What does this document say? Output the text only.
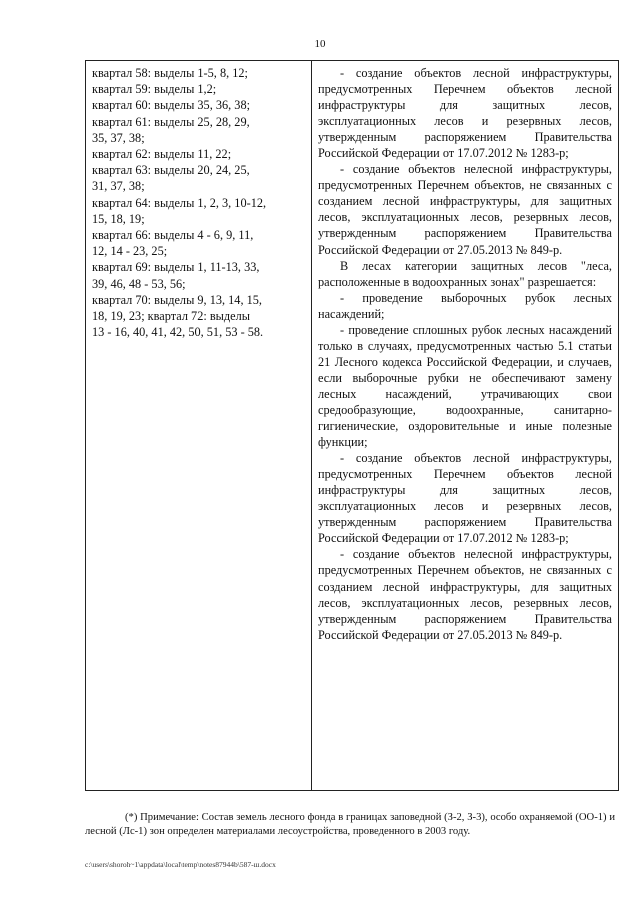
10
квартал 58: выделы 1-5, 8, 12;
квартал 59: выделы 1,2;
квартал 60: выделы 35, 36, 38;
квартал 61: выделы 25, 28, 29,
35, 37, 38;
квартал 62: выделы 11, 22;
квартал 63: выделы 20, 24, 25,
31, 37, 38;
квартал 64: выделы 1, 2, 3, 10-12,
15, 18, 19;
квартал 66: выделы 4 - 6, 9, 11,
12, 14 - 23, 25;
квартал 69: выделы 1, 11-13, 33,
39, 46, 48 - 53, 56;
квартал 70: выделы 9, 13, 14, 15,
18, 19, 23; квартал 72: выделы
13 - 16, 40, 41, 42, 50, 51, 53 - 58.

- создание объектов лесной инфраструктуры, предусмотренных Перечнем объектов лесной инфраструктуры для защитных лесов, эксплуатационных лесов и резервных лесов, утвержденным распоряжением Правительства Российской Федерации от 17.07.2012 № 1283-р;

- создание объектов нелесной инфраструктуры, предусмотренных Перечнем объектов, не связанных с созданием лесной инфраструктуры, для защитных лесов, эксплуатационных лесов, резервных лесов, утвержденным распоряжением Правительства Российской Федерации от 27.05.2013 № 849-р.

В лесах категории защитных лесов "леса, расположенные в водоохранных зонах" разрешается:

- проведение выборочных рубок лесных насаждений;

- проведение сплошных рубок лесных насаждений только в случаях, предусмотренных частью 5.1 статьи 21 Лесного кодекса Российской Федерации, и случаев, если выборочные рубки не обеспечивают замену лесных насаждений, утрачивающих свои средообразующие, водоохранные, санитарно-гигиенические, оздоровительные и иные полезные функции;

- создание объектов лесной инфраструктуры, предусмотренных Перечнем объектов лесной инфраструктуры для защитных лесов, эксплуатационных лесов и резервных лесов, утвержденным распоряжением Правительства Российской Федерации от 17.07.2012 № 1283-р;

- создание объектов нелесной инфраструктуры, предусмотренных Перечнем объектов, не связанных с созданием лесной инфраструктуры, для защитных лесов, эксплуатационных лесов, резервных лесов, утвержденным распоряжением Правительства Российской Федерации от 27.05.2013 № 849-р.

(*) Примечание: Состав земель лесного фонда в границах заповедной (З-2, З-3), особо охраняемой (ОО-1) и лесной (Лс-1) зон определен материалами лесоустройства, проведенного в 2003 году.

c:\users\shoroh~1\appdata\local\temp\notes87944b\587-ш.docx
